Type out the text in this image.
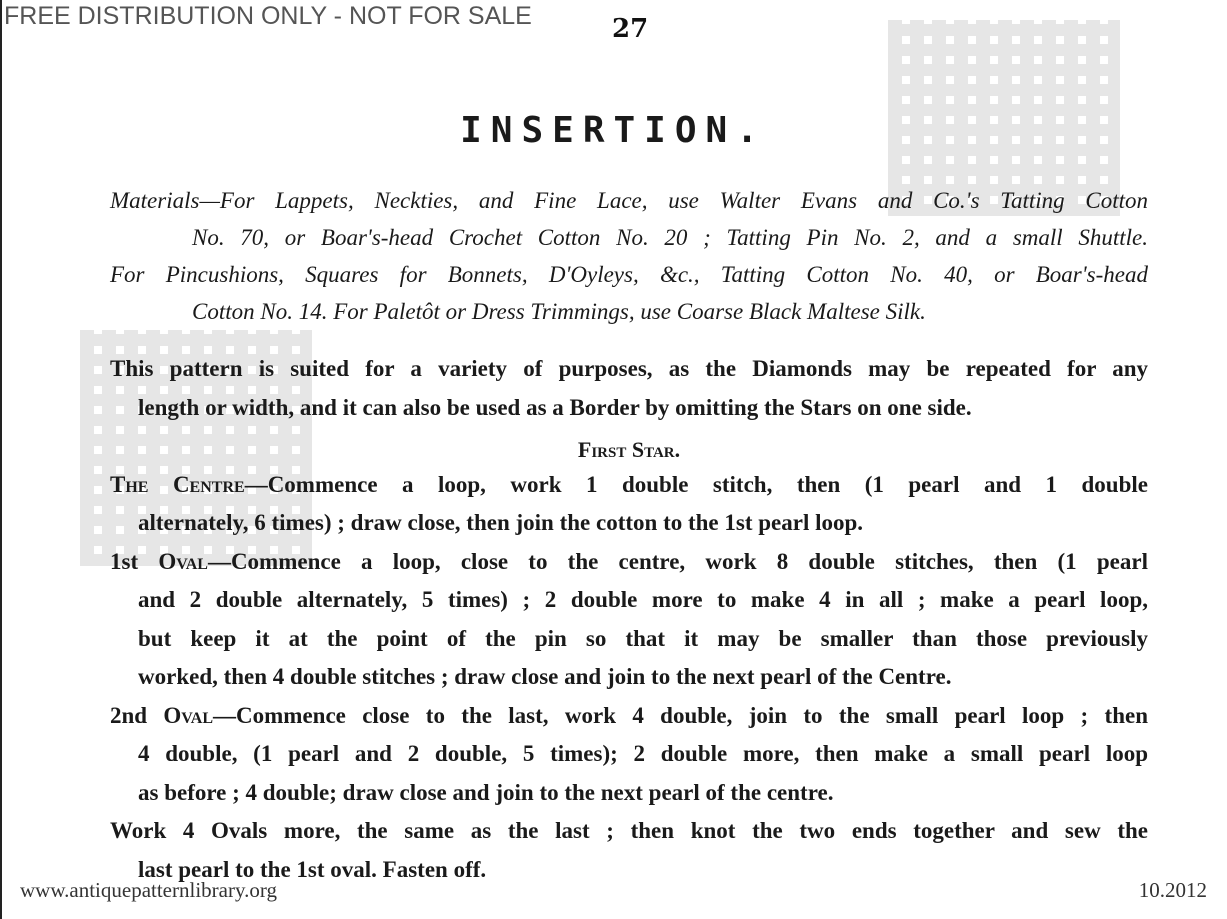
FREE DISTRIBUTION ONLY - NOT FOR SALE	27
INSERTION.
Materials—For Lappets, Neckties, and Fine Lace, use Walter Evans and Co.'s Tatting Cotton
No. 70, or Boar's-head Crochet Cotton No. 20 ; Tatting Pin No. 2, and a small Shuttle.
For Pincushions, Squares for Bonnets, D'Oyleys, &c., Tatting Cotton No. 40, or Boar's-head
Cotton No. 14. For Paletôt or Dress Trimmings, use Coarse Black Maltese Silk.

This pattern is suited for a variety of purposes, as the Diamonds may be repeated for any
length or width, and it can also be used as a Border by omitting the Stars on one side.

First Star.

The Centre—Commence a loop, work 1 double stitch, then (1 pearl and 1 double
alternately, 6 times) ; draw close, then join the cotton to the 1st pearl loop.

1st Oval—Commence a loop, close to the centre, work 8 double stitches, then (1 pearl
and 2 double alternately, 5 times) ; 2 double more to make 4 in all ; make a pearl loop,
but keep it at the point of the pin so that it may be smaller than those previously
worked, then 4 double stitches ; draw close and join to the next pearl of the Centre.

2nd Oval—Commence close to the last, work 4 double, join to the small pearl loop ; then
4 double, (1 pearl and 2 double, 5 times); 2 double more, then make a small pearl loop
as before ; 4 double; draw close and join to the next pearl of the centre.

Work 4 Ovals more, the same as the last ; then knot the two ends together and sew the
last pearl to the 1st oval. Fasten off.

www.antiquepatternlibrary.org	10.2012
